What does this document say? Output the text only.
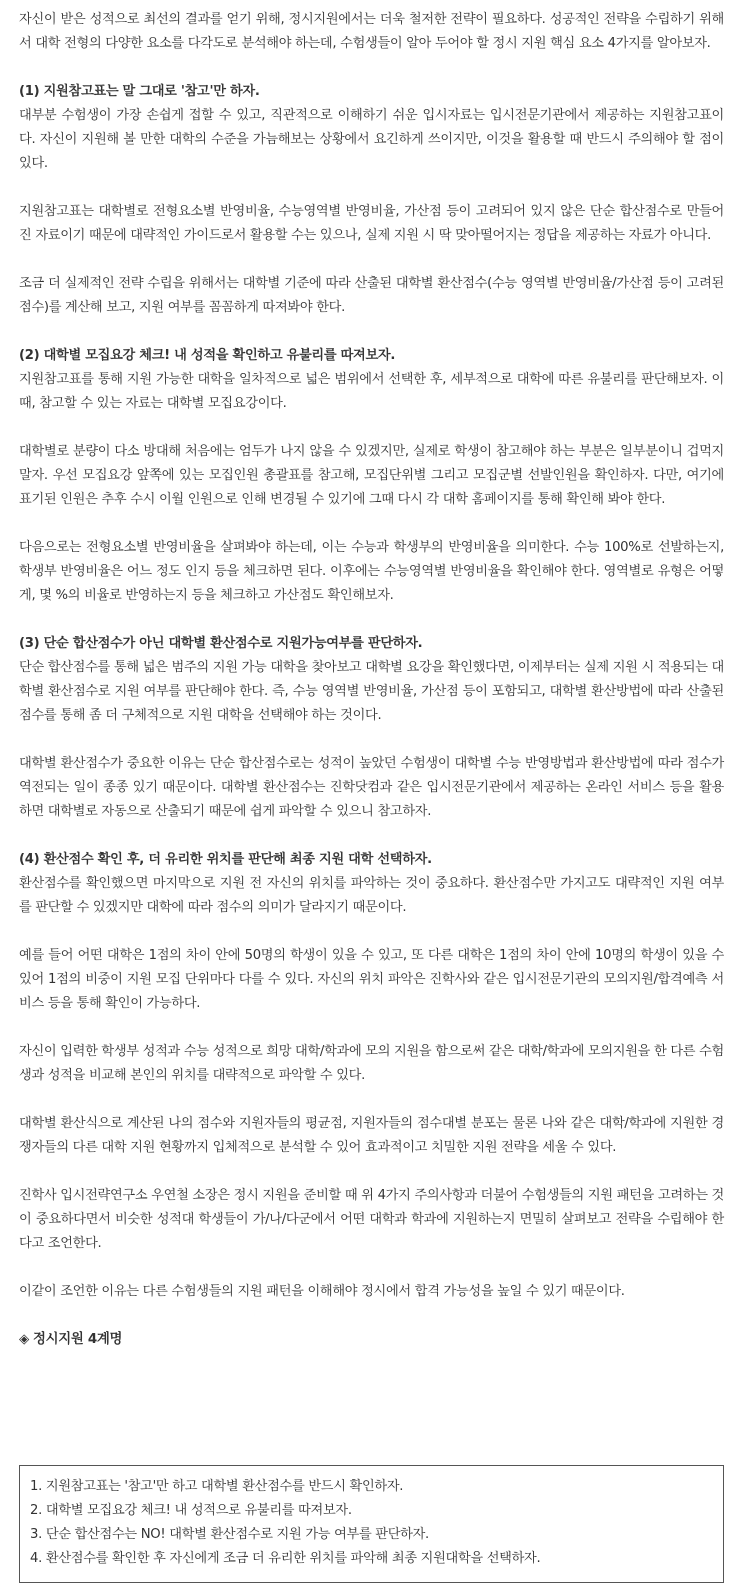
자신이 받은 성적으로 최선의 결과를 얻기 위해, 정시지원에서는 더욱 철저한 전략이 필요하다. 성공적인 전략을 수립하기 위해서 대학 전형의 다양한 요소를 다각도로 분석해야 하는데, 수험생들이 알아 두어야 할 정시 지원 핵심 요소 4가지를 알아보자.

(1) 지원참고표는 말 그대로 '참고'만 하자.

대부분 수험생이 가장 손쉽게 접할 수 있고, 직관적으로 이해하기 쉬운 입시자료는 입시전문기관에서 제공하는 지원참고표이다. 자신이 지원해 볼 만한 대학의 수준을 가늠해보는 상황에서 요긴하게 쓰이지만, 이것을 활용할 때 반드시 주의해야 할 점이 있다.

지원참고표는 대학별로 전형요소별 반영비율, 수능영역별 반영비율, 가산점 등이 고려되어 있지 않은 단순 합산점수로 만들어진 자료이기 때문에 대략적인 가이드로서 활용할 수는 있으나, 실제 지원 시 딱 맞아떨어지는 정답을 제공하는 자료가 아니다.

조금 더 실제적인 전략 수립을 위해서는 대학별 기준에 따라 산출된 대학별 환산점수(수능 영역별 반영비율/가산점 등이 고려된 점수)를 계산해 보고, 지원 여부를 꼼꼼하게 따져봐야 한다.

(2) 대학별 모집요강 체크! 내 성적을 확인하고 유불리를 따져보자.

지원참고표를 통해 지원 가능한 대학을 일차적으로 넓은 범위에서 선택한 후, 세부적으로 대학에 따른 유불리를 판단해보자. 이때, 참고할 수 있는 자료는 대학별 모집요강이다.

대학별로 분량이 다소 방대해 처음에는 엄두가 나지 않을 수 있겠지만, 실제로 학생이 참고해야 하는 부분은 일부분이니 겁먹지 말자. 우선 모집요강 앞쪽에 있는 모집인원 총괄표를 참고해, 모집단위별 그리고 모집군별 선발인원을 확인하자. 다만, 여기에 표기된 인원은 추후 수시 이월 인원으로 인해 변경될 수 있기에 그때 다시 각 대학 홈페이지를 통해 확인해 봐야 한다.

다음으로는 전형요소별 반영비율을 살펴봐야 하는데, 이는 수능과 학생부의 반영비율을 의미한다. 수능 100%로 선발하는지, 학생부 반영비율은 어느 정도 인지 등을 체크하면 된다. 이후에는 수능영역별 반영비율을 확인해야 한다. 영역별로 유형은 어떻게, 몇 %의 비율로 반영하는지 등을 체크하고 가산점도 확인해보자.

(3) 단순 합산점수가 아닌 대학별 환산점수로 지원가능여부를 판단하자.

단순 합산점수를 통해 넓은 범주의 지원 가능 대학을 찾아보고 대학별 요강을 확인했다면, 이제부터는 실제 지원 시 적용되는 대학별 환산점수로 지원 여부를 판단해야 한다. 즉, 수능 영역별 반영비율, 가산점 등이 포함되고, 대학별 환산방법에 따라 산출된 점수를 통해 좀 더 구체적으로 지원 대학을 선택해야 하는 것이다.

대학별 환산점수가 중요한 이유는 단순 합산점수로는 성적이 높았던 수험생이 대학별 수능 반영방법과 환산방법에 따라 점수가 역전되는 일이 종종 있기 때문이다. 대학별 환산점수는 진학닷컴과 같은 입시전문기관에서 제공하는 온라인 서비스 등을 활용하면 대학별로 자동으로 산출되기 때문에 쉽게 파악할 수 있으니 참고하자.

(4) 환산점수 확인 후, 더 유리한 위치를 판단해 최종 지원 대학 선택하자.

환산점수를 확인했으면 마지막으로 지원 전 자신의 위치를 파악하는 것이 중요하다. 환산점수만 가지고도 대략적인 지원 여부를 판단할 수 있겠지만 대학에 따라 점수의 의미가 달라지기 때문이다.

예를 들어 어떤 대학은 1점의 차이 안에 50명의 학생이 있을 수 있고, 또 다른 대학은 1점의 차이 안에 10명의 학생이 있을 수 있어 1점의 비중이 지원 모집 단위마다 다를 수 있다. 자신의 위치 파악은 진학사와 같은 입시전문기관의 모의지원/합격예측 서비스 등을 통해 확인이 가능하다.

자신이 입력한 학생부 성적과 수능 성적으로 희망 대학/학과에 모의 지원을 함으로써 같은 대학/학과에 모의지원을 한 다른 수험생과 성적을 비교해 본인의 위치를 대략적으로 파악할 수 있다.

대학별 환산식으로 계산된 나의 점수와 지원자들의 평균점, 지원자들의 점수대별 분포는 물론 나와 같은 대학/학과에 지원한 경쟁자들의 다른 대학 지원 현황까지 입체적으로 분석할 수 있어 효과적이고 치밀한 지원 전략을 세울 수 있다.

진학사 입시전략연구소 우연철 소장은 정시 지원을 준비할 때 위 4가지 주의사항과 더불어 수험생들의 지원 패턴을 고려하는 것이 중요하다면서 비슷한 성적대 학생들이 가/나/다군에서 어떤 대학과 학과에 지원하는지 면밀히 살펴보고 전략을 수립해야 한다고 조언한다.

이같이 조언한 이유는 다른 수험생들의 지원 패턴을 이해해야 정시에서 합격 가능성을 높일 수 있기 때문이다.

◈ 정시지원 4계명

1. 지원참고표는 '참고'만 하고 대학별 환산점수를 반드시 확인하자.
2. 대학별 모집요강 체크! 내 성적으로 유불리를 따져보자.
3. 단순 합산점수는 NO! 대학별 환산점수로 지원 가능 여부를 판단하자.
4. 환산점수를 확인한 후 자신에게 조금 더 유리한 위치를 파악해 최종 지원대학을 선택하자.
